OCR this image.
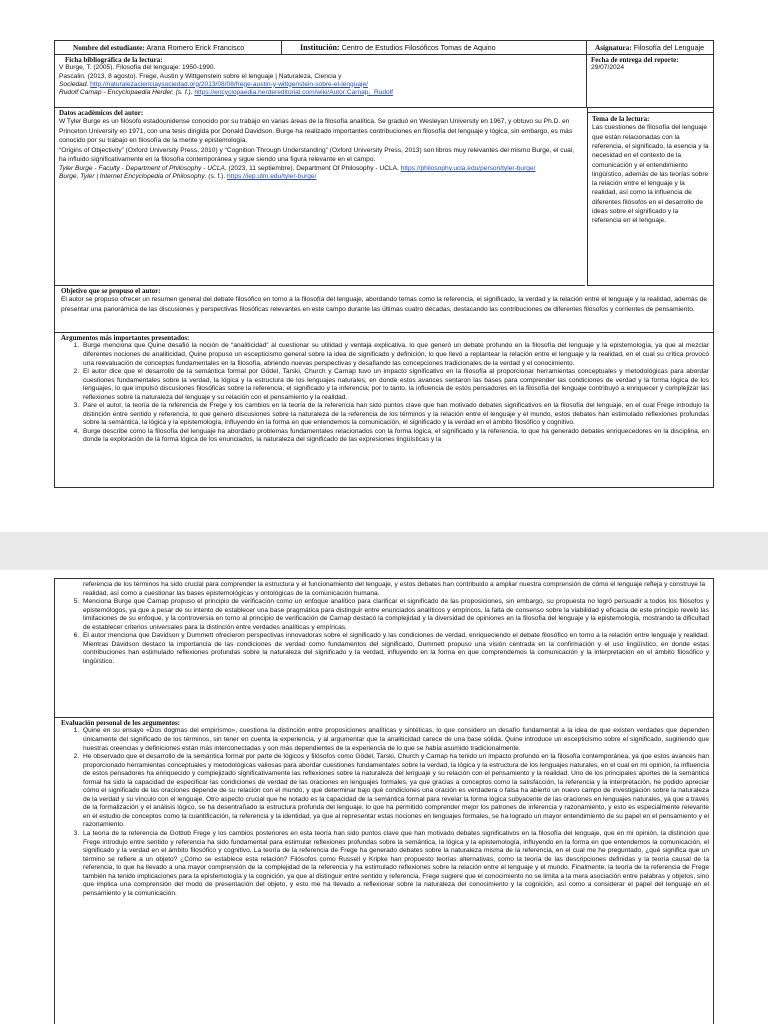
Nombre del estudiante: Arana Romero Erick Francisco	Institución: Centro de Estudios Filosóficos Tomas de Aquino	Asignatura: Filosofía del Lenguaje
Ficha bibliográfica de la lectura:
V Burge, T. (2005). Filosofía del lenguaje: 1950-1990.
Pascalin. (2013, 8 agosto). Frege, Austin y Wittgenstein sobre el lenguaje | Naturaleza, Ciencia y
Sociedad. http://naturalezacienciaysociedad.org/2013/08/08/frege-austin-y-wittgenstein-sobre-el-lenguaje/
Rudolf Carnap - Encyclopaedia Herder. (s. f.). https://encyclopaedia.herdereditorial.com/wiki/Autor:Carnap,_Rudolf
Fecha de entrega del reporte:
29/07/2024
Tema de la lectura:
Las cuestiones de filosofía del lenguaje que están relacionadas con la referencia, el significado, la esencia y la necesidad en el contexto de la comunicación y el entendimiento lingüístico, además de las teorías sobre la relación entre el lenguaje y la realidad, así como la influencia de diferentes filósofos en el desarrollo de ideas sobre el significado y la referencia en el lenguaje.
Datos académicos del autor:
W Tyler Burge es un filósofo estadounidense conocido por su trabajo en varias áreas de la filosofía analítica. Se graduó en Wesleyan University en 1967, y obtuvo su Ph.D. en Princeton University en 1971, con una tesis dirigida por Donald Davidson. Burge ha realizado importantes contribuciones en filosofía del lenguaje y lógica, sin embargo, es más conocido por su trabajo en filosofía de la mente y epistemología.
“Origins of Objectivity” (Oxford University Press, 2010) y “Cognition Through Understanding” (Oxford University Press, 2013) son libros muy relevantes del mismo Burge, el cual, ha influido significativamente en la filosofía contemporánea y sigue siendo una figura relevante en el campo.
Tyler Burge - Faculty - Department of Philosophy - UCLA. (2023, 11 septiembre). Department Of Philosophy - UCLA. https://philosophy.ucla.edu/person/tyler-burge/
Burge, Tyler | Internet Encyclopedia of Philosophy. (s. f.). https://iep.utm.edu/tyler-burge/
Objetivo que se propuso el autor:
El autor se propuso ofrecer un resumen general del debate filosófico en torno a la filosofía del lenguaje, abordando temas como la referencia, el significado, la verdad y la relación entre el lenguaje y la realidad, además de presentar una panorámica de las discusiones y perspectivas filosóficas relevantes en este campo durante las últimas cuatro décadas, destacando las contribuciones de diferentes filósofos y corrientes de pensamiento.
Argumentos más importantes presentados:
1. Burge menciona que Quine desafió la noción de “analiticidad” al cuestionar su utilidad y ventaja explicativa, lo que generó un debate profundo en la filosofía del lenguaje y la epistemología, ya que al mezclar diferentes nociones de analiticidad, Quine propuso un escepticismo general sobre la idea de significado y definición, lo que llevó a replantear la relación entre el lenguaje y la realidad, en el cual su crítica provocó una reevaluación de conceptos fundamentales en la filosofía, abriendo nuevas perspectivas y desafiando las concepciones tradicionales de la verdad y el conocimiento.
2. El autor dice que el desarrollo de la semántica formal por Gödel, Tarski, Church y Carnap tuvo un impacto significativo en la filosofía al proporcionar herramientas conceptuales y metodológicas para abordar cuestiones fundamentales sobre la verdad, la lógica y la estructura de los lenguajes naturales, en donde estos avances sentaron las bases para comprender las condiciones de verdad y la forma lógica de los lenguajes, lo que impulsó discusiones filosóficas sobre la referencia, el significado y la inferencia; por lo tanto, la influencia de estos pensadores en la filosofía del lenguaje contribuyó a enriquecer y complejizar las reflexiones sobre la naturaleza del lenguaje y su relación con el pensamiento y la realidad.
3. Pare el autor, la teoría de la referencia de Frege y los cambios en la teoría de la referencia han sido puntos clave que han motivado debates significativos en la filosofía del lenguaje, en el cual Frege introdujo la distinción entre sentido y referencia, lo que generó discusiones sobre la naturaleza de la referencia de los términos y la relación entre el lenguaje y el mundo, estos debates han estimulado reflexiones profundas sobre la semántica, la lógica y la epistemología, influyendo en la forma en que entendemos la comunicación, el significado y la verdad en el ámbito filosófico y cognitivo.
4. Burge describe como la filosofía del lenguaje ha abordado problemas fundamentales relacionados con la forma lógica, el significado y la referencia, lo que ha generado debates enriquecedores en la disciplina, en donde la exploración de la forma lógica de los enunciados, la naturaleza del significado de las expresiones lingüísticas y la
referencia de los términos ha sido crucial para comprender la estructura y el funcionamiento del lenguaje, y estos debates han contribuido a ampliar nuestra comprensión de cómo el lenguaje refleja y construye la realidad, así como a cuestionar las bases epistemológicas y ontológicas de la comunicación humana.
5. Menciona Burge que Carnap propuso el principio de verificación como un enfoque analítico para clarificar el significado de las proposiciones, sin embargo, su propuesta no logró persuadir a todos los filósofos y epistemólogos, ya que a pesar de su intento de establecer una base pragmática para distinguir entre enunciados analíticos y empíricos, la falta de consenso sobre la viabilidad y eficacia de este principio reveló las limitaciones de su enfoque, y la controversia en torno al principio de verificación de Carnap destacó la complejidad y la diversidad de opiniones en la filosofía del lenguaje y la epistemología, mostrando la dificultad de establecer criterios universales para la distinción entre verdades analíticas y empíricas.
6. El autor menciona que Davidson y Dummett ofrecieron perspectivas innovadoras sobre el significado y las condiciones de verdad, enriqueciendo el debate filosófico en torno a la relación entre lenguaje y realidad. Mientras Davidson destacó la importancia de las condiciones de verdad como fundamentos del significado, Dummett propuso una visión centrada en la confirmación y el uso lingüístico, en donde estas contribuciones han estimulado reflexiones profundas sobre la naturaleza del significado y la verdad, influyendo en la forma en que comprendemos la comunicación y la interpretación en el ámbito filosófico y lingüístico.
Evaluación personal de los argumentos:
1. Quine en su ensayo «Dos dogmas del empirismo», cuestiona la distinción entre proposiciones analíticas y sintéticas, lo que considero un desafío fundamental a la idea de que existen verdades que dependen únicamente del significado de los términos, sin tener en cuenta la experiencia, y al argumentar que la analiticidad carece de una base sólida, Quine introduce un escepticismo sobre el significado, sugiriendo que nuestras creencias y definiciones están más interconectadas y son más dependientes de la experiencia de lo que se había asumido tradicionalmente.
2. He observado que el desarrollo de la semántica formal por parte de lógicos y filósofos como Gödel, Tarski, Church y Carnap ha tenido un impacto profundo en la filosofía contemporánea, ya que estos avances han proporcionado herramientas conceptuales y metodológicas valiosas para abordar cuestiones fundamentales sobre la verdad, la lógica y la estructura de los lenguajes naturales, en el cual en mi opinión, la influencia de estos pensadores ha enriquecido y complejizado significativamente las reflexiones sobre la naturaleza del lenguaje y su relación con el pensamiento y la realidad. Uno de los principales aportes de la semántica formal ha sido la capacidad de especificar las condiciones de verdad de las oraciones en lenguajes formales, ya que gracias a conceptos como la satisfacción, la referencia y la interpretación, he podido apreciar cómo el significado de las oraciones depende de su relación con el mundo, y que determinar bajo qué condiciones una oración es verdadera o falsa ha abierto un nuevo campo de investigación sobre la naturaleza de la verdad y su vínculo con el lenguaje. Otro aspecto crucial que he notado es la capacidad de la semántica formal para revelar la forma lógica subyacente de las oraciones en lenguajes naturales, ya que a través de la formalización y el análisis lógico, se ha desentrañado la estructura profunda del lenguaje, lo que ha permitido comprender mejor los patrones de inferencia y razonamiento, y esto es especialmente relevante en el estudio de conceptos como la cuantificación, la referencia y la identidad, ya que al representar estas nociones en lenguajes formales, se ha logrado un mayor entendimiento de su papel en el pensamiento y el razonamiento.
3. La teoría de la referencia de Gottlob Frege y los cambios posteriores en esta teoría han sido puntos clave que han motivado debates significativos en la filosofía del lenguaje, que en mi opinión, la distinción que Frege introdujo entre sentido y referencia ha sido fundamental para estimular reflexiones profundas sobre la semántica, la lógica y la epistemología, influyendo en la forma en que entendemos la comunicación, el significado y la verdad en el ámbito filosófico y cognitivo. La teoría de la referencia de Frege ha generado debates sobre la naturaleza misma de la referencia, en el cual me he preguntado, ¿qué significa que un término se refiere a un objeto? ¿Cómo se establece esta relación? Filósofos como Russell y Kripke han propuesto teorías alternativas, como la teoría de las descripciones definidas y la teoría causal de la referencia, lo que ha llevado a una mayor comprensión de la complejidad de la referencia y ha estimulado reflexiones sobre la relación entre el lenguaje y el mundo. Finalmente, la teoría de la referencia de Frege también ha tenido implicaciones para la epistemología y la cognición, ya que al distinguir entre sentido y referencia, Frege sugiere que el conocimiento no se limita a la mera asociación entre palabras y objetos, sino que implica una comprensión del modo de presentación del objeto, y esto me ha llevado a reflexionar sobre la naturaleza del conocimiento y la cognición, así como a considerar el papel del lenguaje en el pensamiento y la comunicación.
